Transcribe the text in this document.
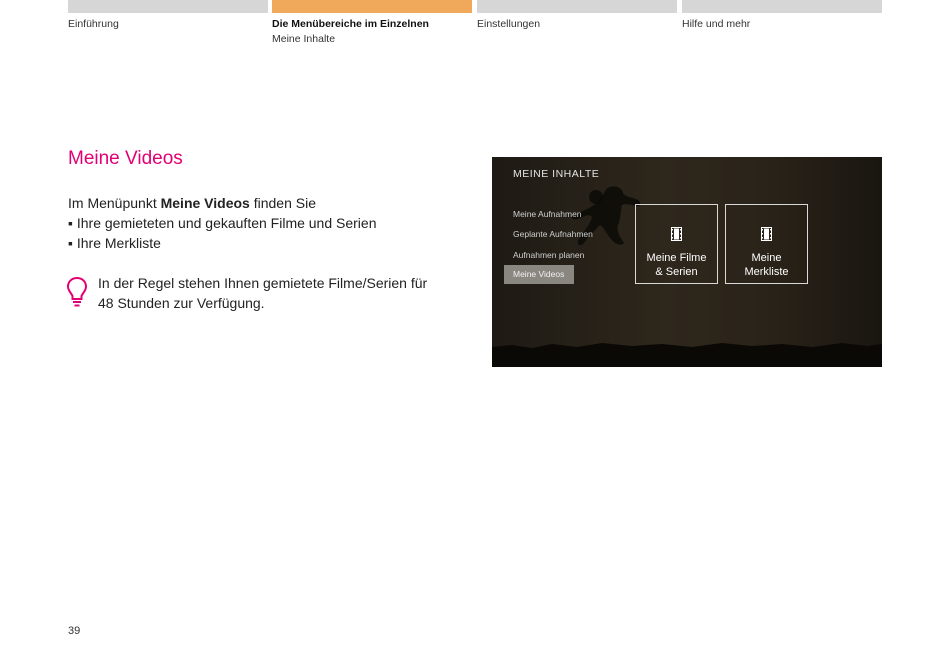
Einführung	Die Menübereiche im Einzelnen
Meine Inhalte
Einstellungen	Hilfe und mehr
Meine Videos
Im Menüpunkt Meine Videos finden Sie
▪ Ihre gemieteten und gekauften Filme und Serien
▪ Ihre Merkliste
In der Regel stehen Ihnen gemietete Filme/Serien für
48 Stunden zur Verfügung.
MEINE INHALTE
Meine Aufnahmen
Geplante Aufnahmen
Aufnahmen planen
Meine Videos
Meine Filme
& Serien
Meine
Merkliste
39
